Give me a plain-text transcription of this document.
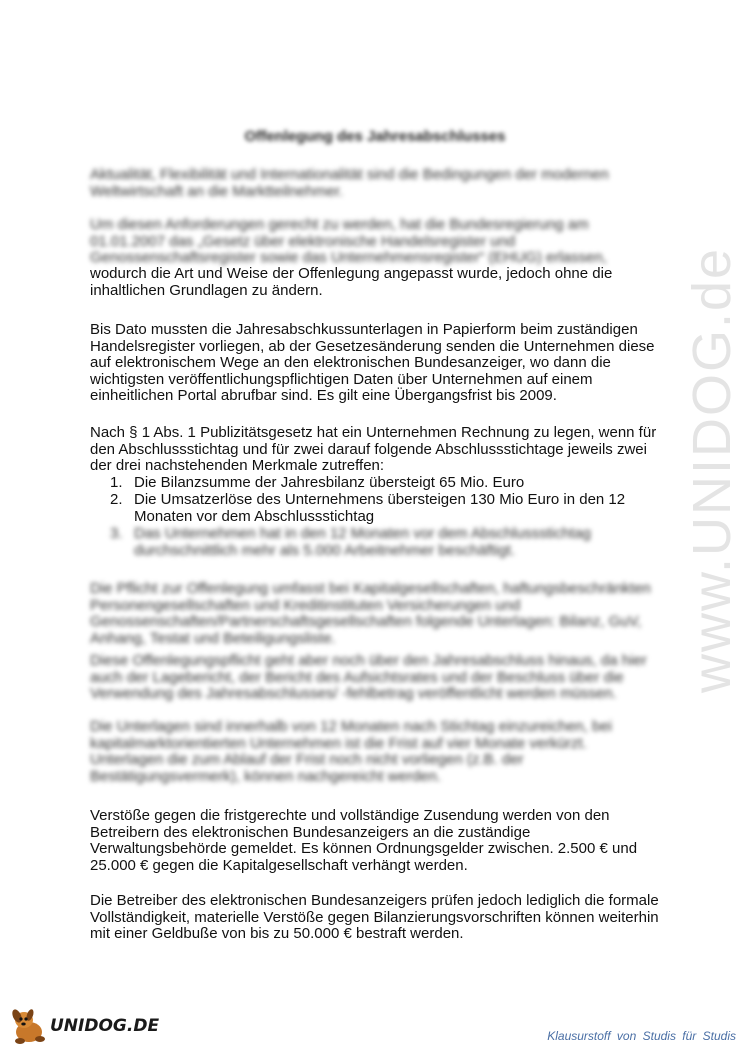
Offenlegung des Jahresabschlusses

Aktualität, Flexibilität und Internationalität sind die Bedingungen der modernen Weltwirtschaft an die Marktteilnehmer.

Um diesen Anforderungen gerecht zu werden, hat die Bundesregierung am 01.01.2007 das „Gesetz über elektronische Handelsregister und Genossenschaftsregister sowie das Unternehmensregister“ (EHUG) erlassen,

wodurch die Art und Weise der Offenlegung angepasst wurde, jedoch ohne die inhaltlichen Grundlagen zu ändern.

Bis Dato mussten die Jahresabschkussunterlagen in Papierform beim zuständigen Handelsregister vorliegen, ab der Gesetzesänderung senden die Unternehmen diese auf elektronischem Wege an den elektronischen Bundesanzeiger, wo dann die wichtigsten veröffentlichungspflichtigen Daten über Unternehmen auf einem einheitlichen Portal abrufbar sind. Es gilt eine Übergangsfrist bis 2009.

Nach § 1 Abs. 1 Publizitätsgesetz hat ein Unternehmen Rechnung zu legen, wenn für den Abschlussstichtag und für zwei darauf folgende Abschlussstichtage jeweils zwei der drei nachstehenden Merkmale zutreffen:

1. Die Bilanzsumme der Jahresbilanz übersteigt 65 Mio. Euro
2. Die Umsatzerlöse des Unternehmens übersteigen 130 Mio Euro in den 12 Monaten vor dem Abschlussstichtag
3. Das Unternehmen hat in den 12 Monaten vor dem Abschlussstichtag durchschnittlich mehr als 5.000 Arbeitnehmer beschäftigt.

Die Pflicht zur Offenlegung umfasst bei Kapitalgesellschaften, haftungsbeschränkten Personengesellschaften und Kreditinstituten Versicherungen und Genossenschaften/Partnerschaftsgesellschaften folgende Unterlagen: Bilanz, GuV, Anhang, Testat und Beteiligungsliste.

Diese Offenlegungspflicht geht aber noch über den Jahresabschluss hinaus, da hier auch der Lagebericht, der Bericht des Aufsichtsrates und der Beschluss über die Verwendung des Jahresabschlusses/ -fehlbetrag veröffentlicht werden müssen.

Die Unterlagen sind innerhalb von 12 Monaten nach Stichtag einzureichen, bei kapitalmarktorientierten Unternehmen ist die Frist auf vier Monate verkürzt. Unterlagen die zum Ablauf der Frist noch nicht vorliegen (z.B. der Bestätigungsvermerk), können nachgereicht werden.

Verstöße gegen die fristgerechte und vollständige Zusendung werden von den Betreibern des elektronischen Bundesanzeigers an die zuständige Verwaltungsbehörde gemeldet. Es können Ordnungsgelder zwischen. 2.500 € und 25.000 € gegen die Kapitalgesellschaft verhängt werden.

Die Betreiber des elektronischen Bundesanzeigers prüfen jedoch lediglich die formale Vollständigkeit, materielle Verstöße gegen Bilanzierungsvorschriften können weiterhin mit einer Geldbuße von bis zu 50.000 € bestraft werden.

www.UNIDOG.de
UNIDOG.DE	Klausurstoff von Studis für Studis
